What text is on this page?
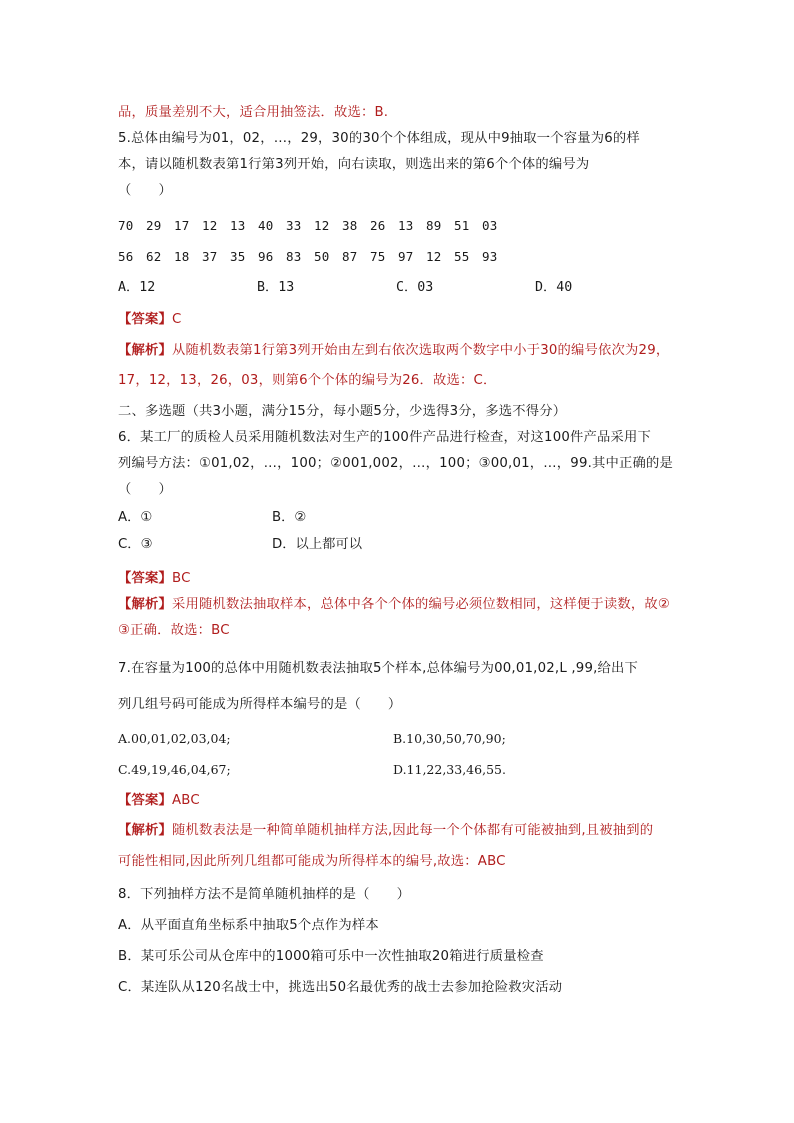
品，质量差别不大，适合用抽签法．故选：B.
5.总体由编号为01，02，…，29，30的30个个体组成，现从中9抽取一个容量为6的样
本，请以随机数表第1行第3列开始，向右读取，则选出来的第6个个体的编号为
（　　）
70 29 17 12 13 40 33 12 38 26 13 89 51 03
56 62 18 37 35 96 83 50 87 75 97 12 55 93
A．12	B．13	C．03	D．40
【答案】C
【解析】从随机数表第1行第3列开始由左到右依次选取两个数字中小于30的编号依次为29，
17，12，13，26，03，则第6个个体的编号为26．故选：C．
二、多选题（共3小题，满分15分，每小题5分，少选得3分，多选不得分）
6．某工厂的质检人员采用随机数法对生产的100件产品进行检查，对这100件产品采用下
列编号方法：①01,02，…，100；②001,002，…，100；③00,01，…，99.其中正确的是
（　　）
A．①	B．②
C．③	D．以上都可以
【答案】BC
【解析】采用随机数法抽取样本，总体中各个个体的编号必须位数相同，这样便于读数，故②
③正确．故选：BC
7.在容量为100的总体中用随机数表法抽取5个样本,总体编号为00,01,02,L ,99,给出下
列几组号码可能成为所得样本编号的是（　　）
A.00,01,02,03,04;	B.10,30,50,70,90;
C.49,19,46,04,67;	D.11,22,33,46,55.
【答案】ABC
【解析】随机数表法是一种简单随机抽样方法,因此每一个个体都有可能被抽到,且被抽到的
可能性相同,因此所列几组都可能成为所得样本的编号,故选：ABC
8．下列抽样方法不是简单随机抽样的是（　　）
A．从平面直角坐标系中抽取5个点作为样本
B．某可乐公司从仓库中的1000箱可乐中一次性抽取20箱进行质量检查
C．某连队从120名战士中，挑选出50名最优秀的战士去参加抢险救灾活动
